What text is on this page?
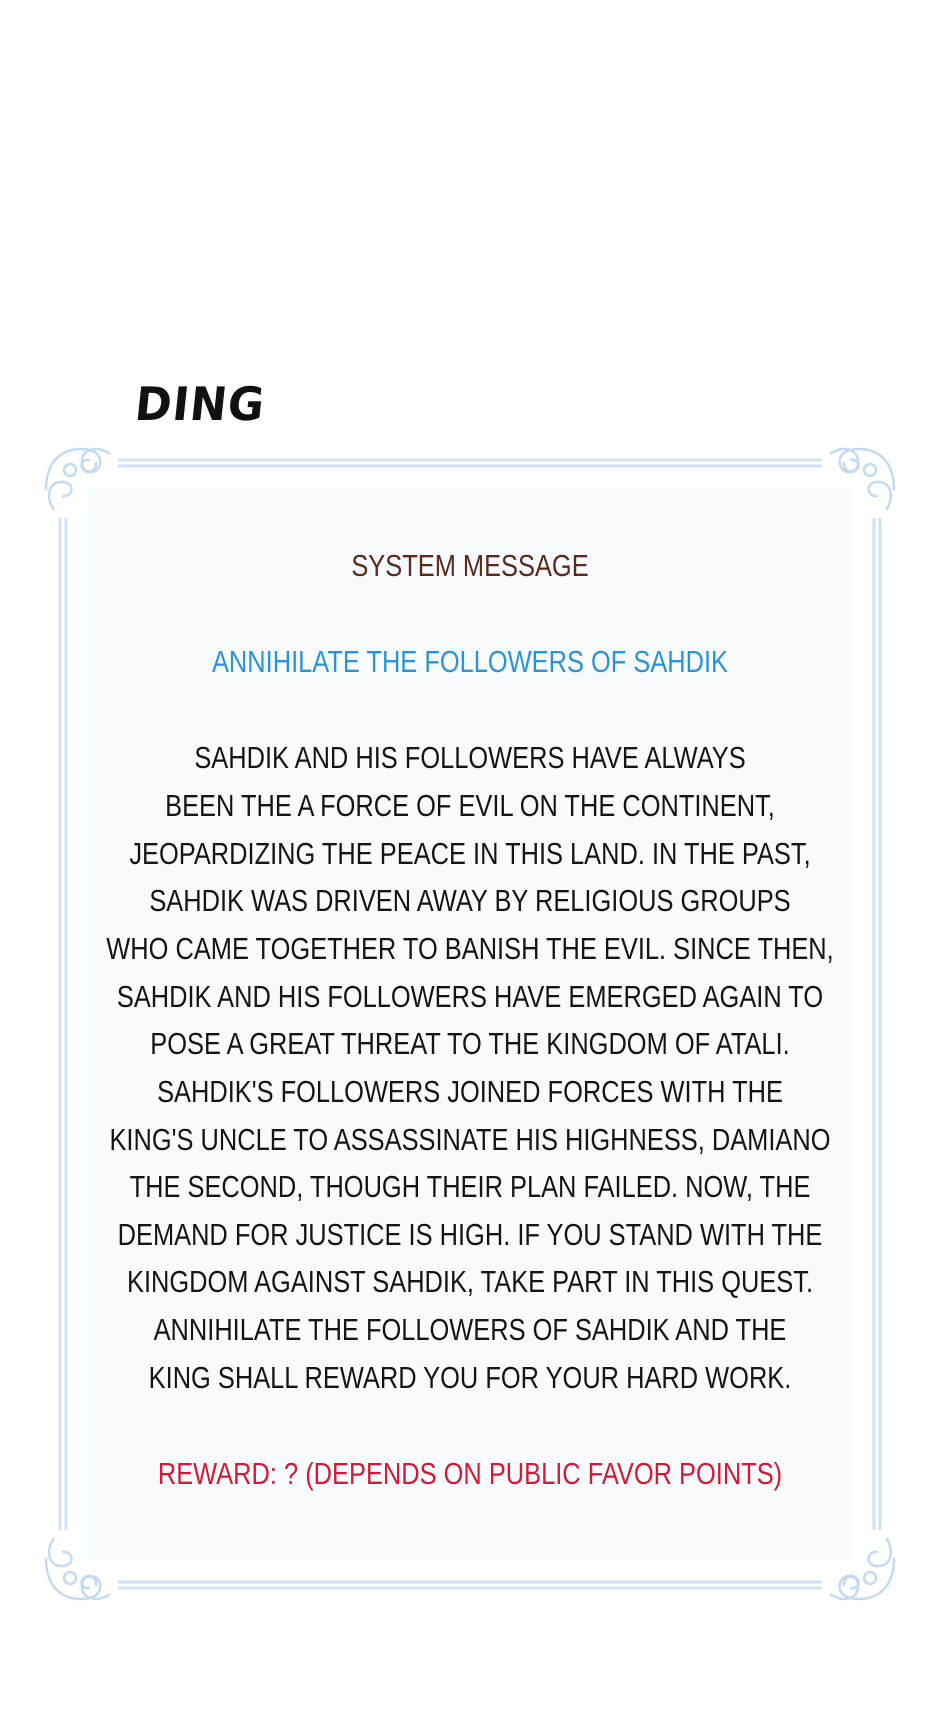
DING
SYSTEM MESSAGE
ANNIHILATE THE FOLLOWERS OF SAHDIK
SAHDIK AND HIS FOLLOWERS HAVE ALWAYS
BEEN THE A FORCE OF EVIL ON THE CONTINENT,
JEOPARDIZING THE PEACE IN THIS LAND. IN THE PAST,
SAHDIK WAS DRIVEN AWAY BY RELIGIOUS GROUPS
WHO CAME TOGETHER TO BANISH THE EVIL. SINCE THEN,
SAHDIK AND HIS FOLLOWERS HAVE EMERGED AGAIN TO
POSE A GREAT THREAT TO THE KINGDOM OF ATALI.
SAHDIK'S FOLLOWERS JOINED FORCES WITH THE
KING'S UNCLE TO ASSASSINATE HIS HIGHNESS, DAMIANO
THE SECOND, THOUGH THEIR PLAN FAILED. NOW, THE
DEMAND FOR JUSTICE IS HIGH. IF YOU STAND WITH THE
KINGDOM AGAINST SAHDIK, TAKE PART IN THIS QUEST.
ANNIHILATE THE FOLLOWERS OF SAHDIK AND THE
KING SHALL REWARD YOU FOR YOUR HARD WORK.
REWARD: ? (DEPENDS ON PUBLIC FAVOR POINTS)
